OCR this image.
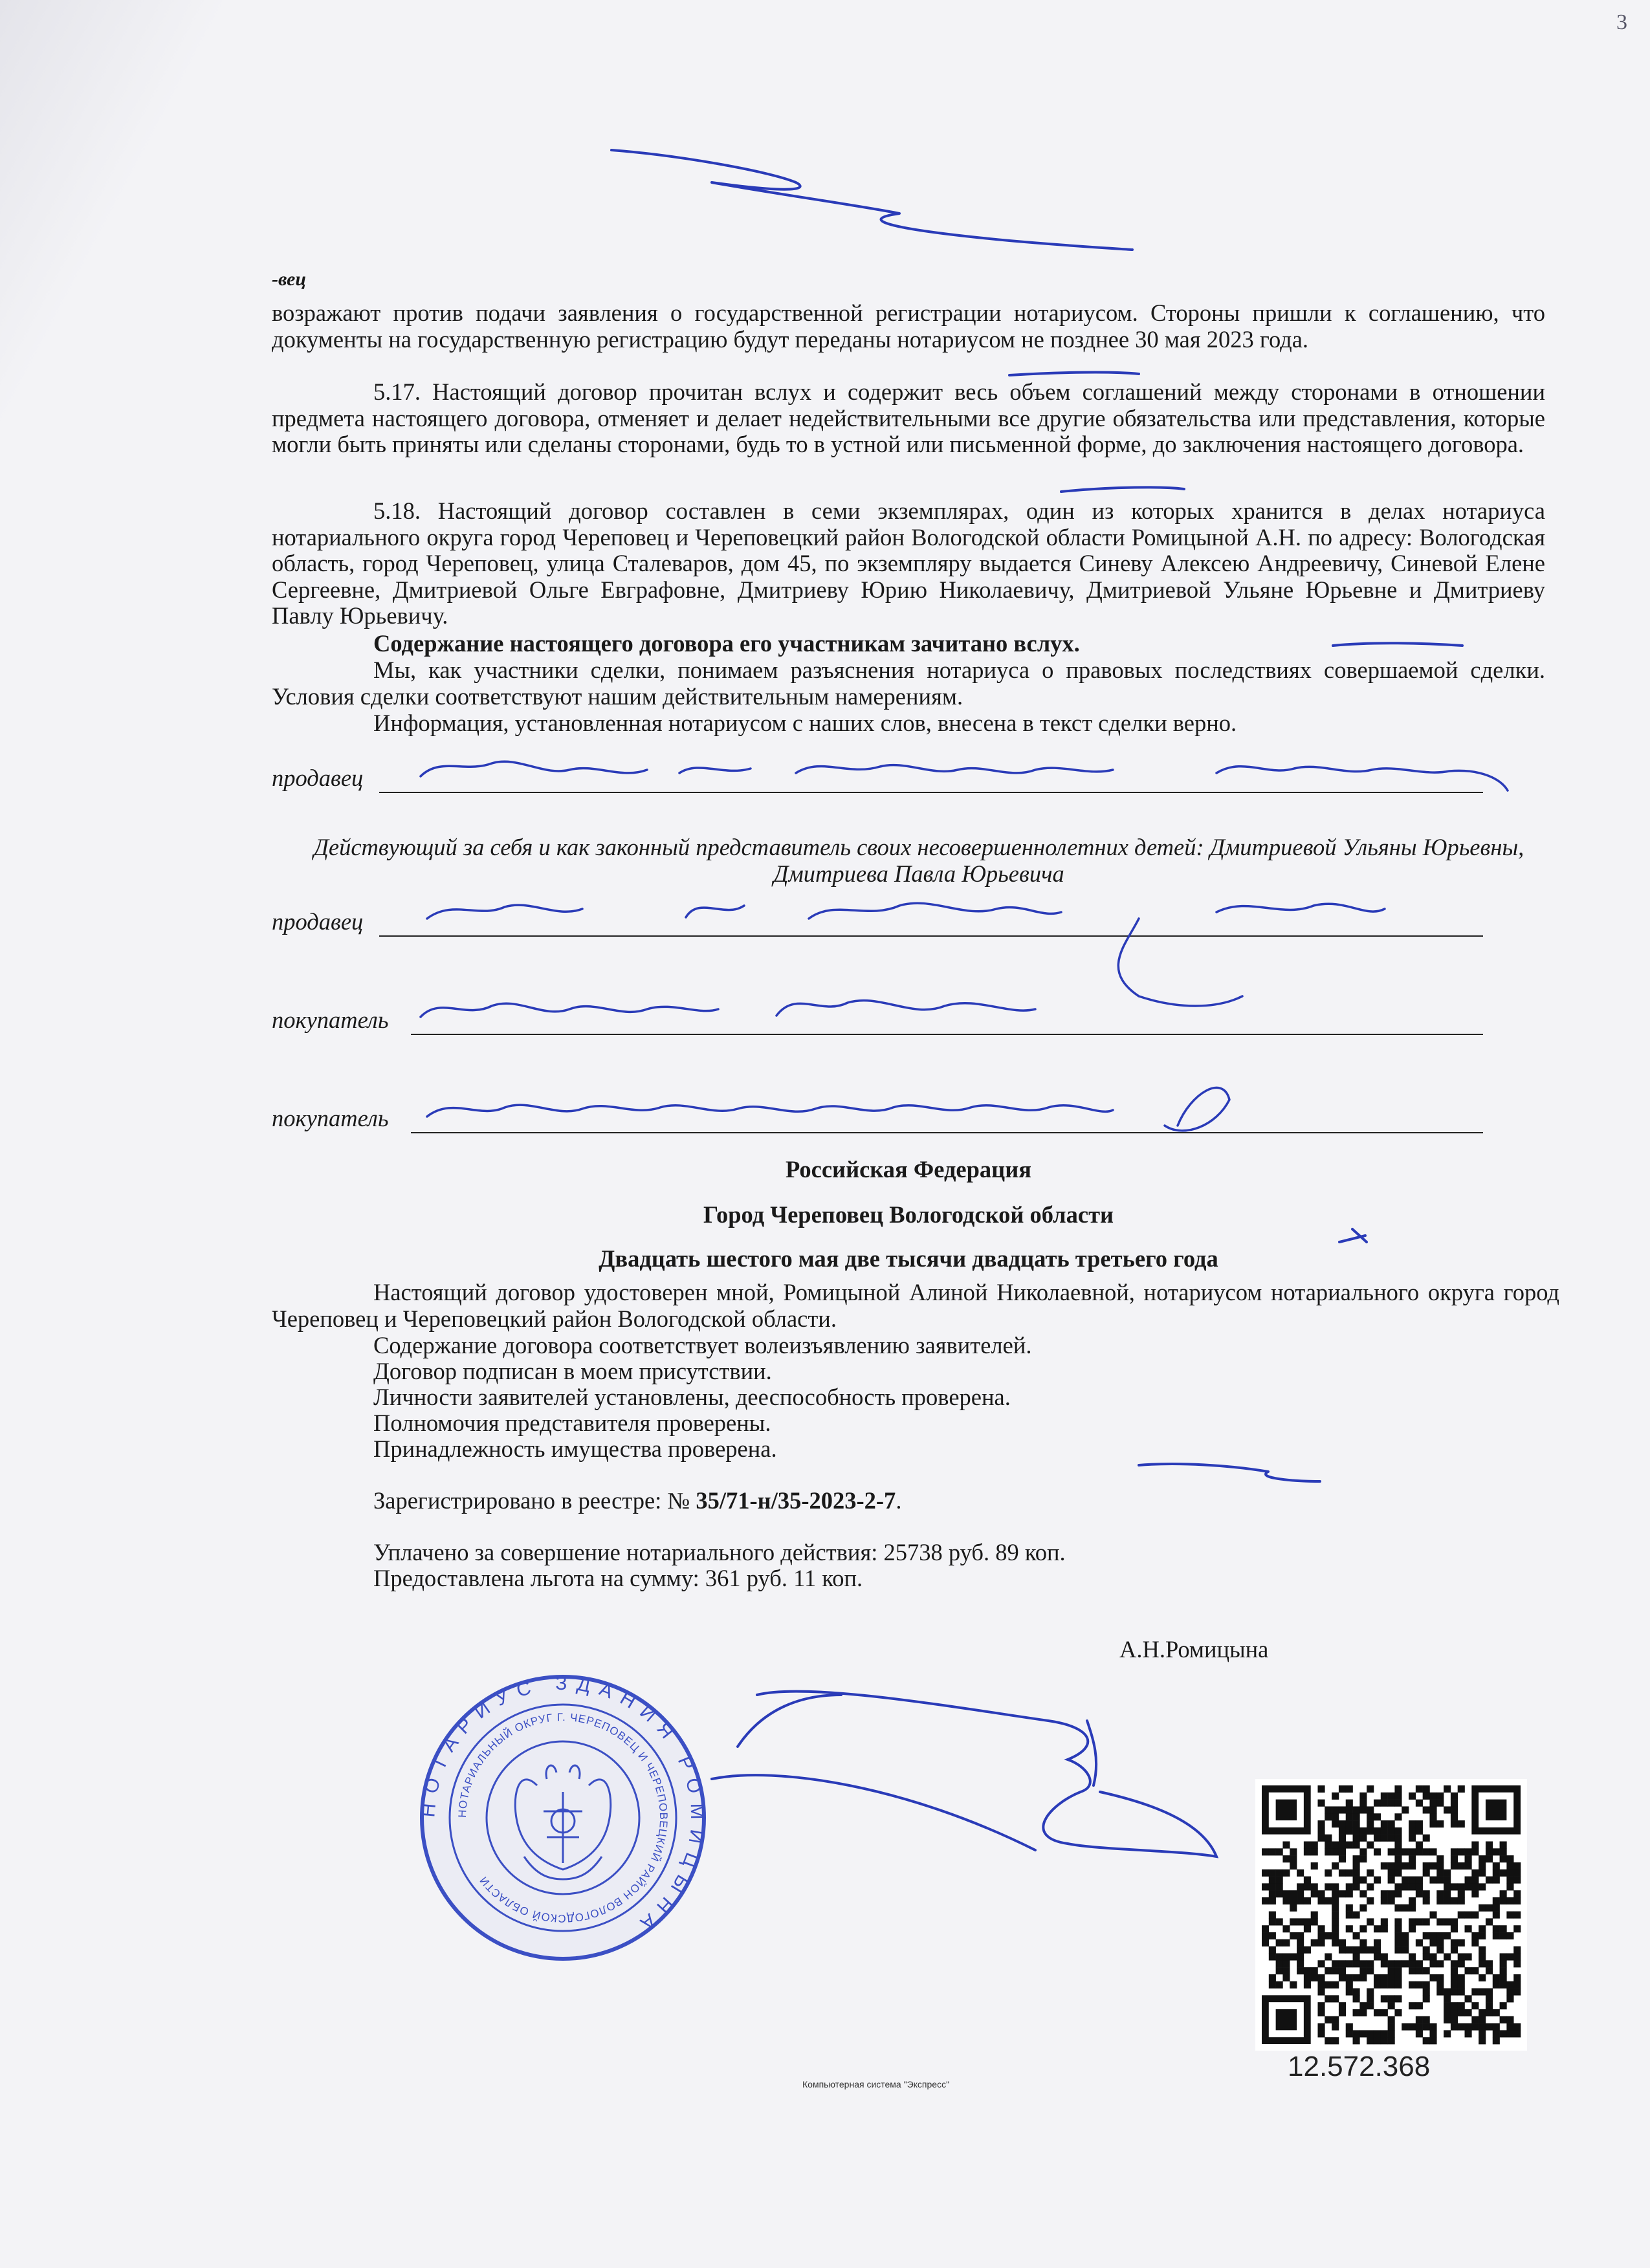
3
-вец
возражают против подачи заявления о государственной регистрации нотариусом. Стороны пришли к соглашению, что документы на государственную регистрацию будут переданы нотариусом не позднее 30 мая 2023 года.
5.17. Настоящий договор прочитан вслух и содержит весь объем соглашений между сторонами в отношении предмета настоящего договора, отменяет и делает недействительными все другие обязательства или представления, которые могли быть приняты или сделаны сторонами, будь то в устной или письменной форме, до заключения настоящего договора.
5.18. Настоящий договор составлен в семи экземплярах, один из которых хранится в делах нотариуса нотариального округа город Череповец и Череповецкий район Вологодской области Ромицыной А.Н. по адресу: Вологодская область, город Череповец, улица Сталеваров, дом 45, по экземпляру выдается Синеву Алексею Андреевичу, Синевой Елене Сергеевне, Дмитриевой Ольге Евграфовне, Дмитриеву Юрию Николаевичу, Дмитриевой Ульяне Юрьевне и Дмитриеву Павлу Юрьевичу.
Содержание настоящего договора его участникам зачитано вслух.
Мы, как участники сделки, понимаем разъяснения нотариуса о правовых последствиях совершаемой сделки. Условия сделки соответствуют нашим действительным намерениям.
Информация, установленная нотариусом с наших слов, внесена в текст сделки верно.
продавец
Действующий за себя и как законный представитель своих несовершеннолетних детей: Дмитриевой Ульяны Юрьевны, Дмитриева Павла Юрьевича
продавец
покупатель
покупатель
Российская Федерация
Город Череповец Вологодской области
Двадцать шестого мая две тысячи двадцать третьего года
Настоящий договор удостоверен мной, Ромицыной Алиной Николаевной, нотариусом нотариального округа город Череповец и Череповецкий район Вологодской области.
Содержание договора соответствует волеизъявлению заявителей.
Договор подписан в моем присутствии.
Личности заявителей установлены, дееспособность проверена.
Полномочия представителя проверены.
Принадлежность имущества проверена.
Зарегистрировано в реестре: № 35/71-н/35-2023-2-7.
Уплачено за совершение нотариального действия: 25738 руб. 89 коп.
Предоставлена льгота на сумму: 361 руб. 11 коп.
А.Н.Ромицына
НОТАРИУС ЗДАНИЯ РОМИЦЫНА
НОТАРИАЛЬНЫЙ ОКРУГ Г. ЧЕРЕПОВЕЦ И ЧЕРЕПОВЕЦКИЙ РАЙОН ВОЛОГОДСКОЙ ОБЛАСТИ
12.572.368
Компьютерная система "Экспресс"
